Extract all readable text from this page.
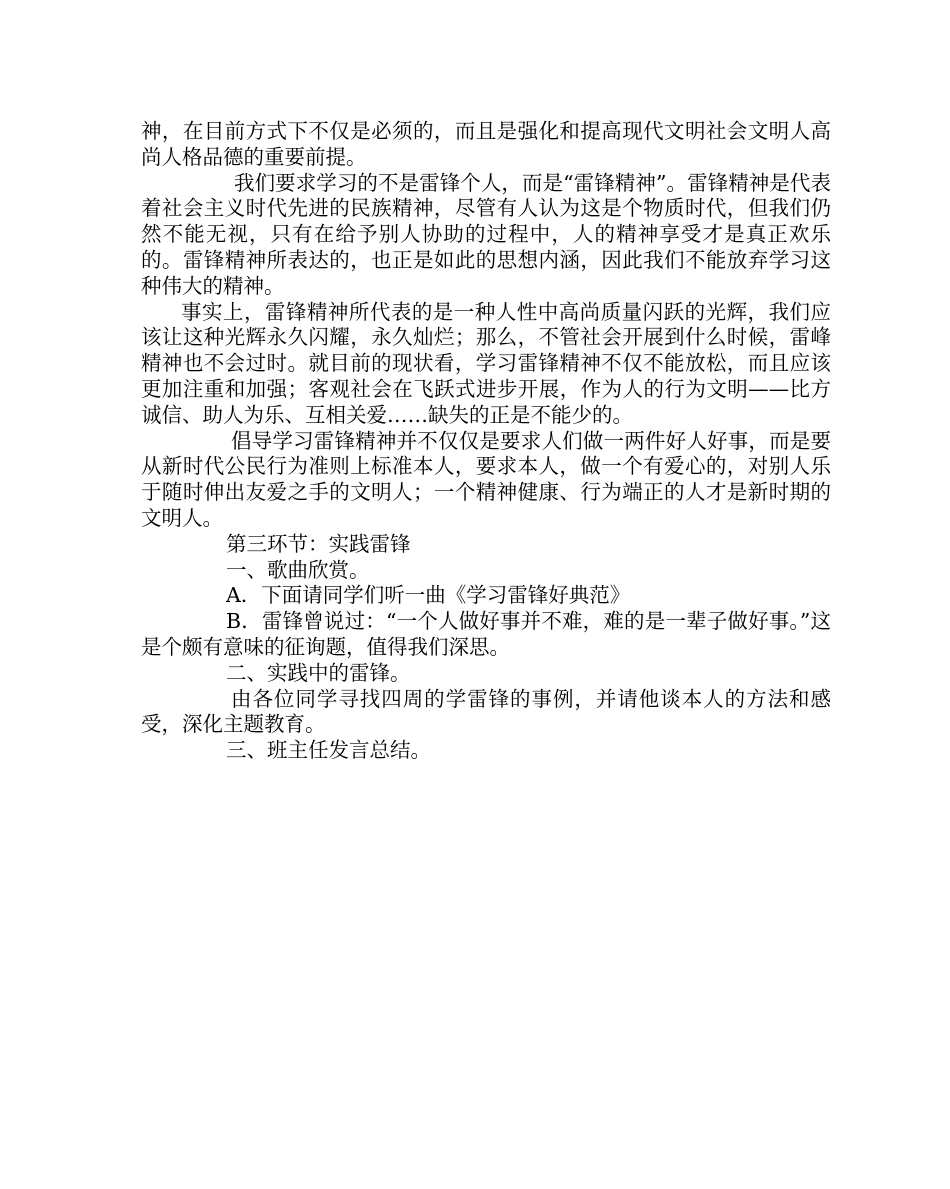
神，在目前方式下不仅是必须的，而且是强化和提高现代文明社会文明人高尚人格品德的重要前提。

我们要求学习的不是雷锋个人，而是“雷锋精神”。雷锋精神是代表着社会主义时代先进的民族精神，尽管有人认为这是个物质时代，但我们仍然不能无视，只有在给予别人协助的过程中，人的精神享受才是真正欢乐的。雷锋精神所表达的，也正是如此的思想内涵，因此我们不能放弃学习这种伟大的精神。

事实上，雷锋精神所代表的是一种人性中高尚质量闪跃的光辉，我们应该让这种光辉永久闪耀，永久灿烂；那么，不管社会开展到什么时候，雷峰精神也不会过时。就目前的现状看，学习雷锋精神不仅不能放松，而且应该更加注重和加强；客观社会在飞跃式进步开展，作为人的行为文明——比方诚信、助人为乐、互相关爱……缺失的正是不能少的。

倡导学习雷锋精神并不仅仅是要求人们做一两件好人好事，而是要从新时代公民行为准则上标准本人，要求本人，做一个有爱心的，对别人乐于随时伸出友爱之手的文明人；一个精神健康、行为端正的人才是新时期的文明人。

第三环节：实践雷锋

一、歌曲欣赏。

A．下面请同学们听一曲《学习雷锋好典范》

B．雷锋曾说过：“一个人做好事并不难，难的是一辈子做好事。”这是个颇有意味的征询题，值得我们深思。

二、实践中的雷锋。

由各位同学寻找四周的学雷锋的事例，并请他谈本人的方法和感受，深化主题教育。

三、班主任发言总结。
